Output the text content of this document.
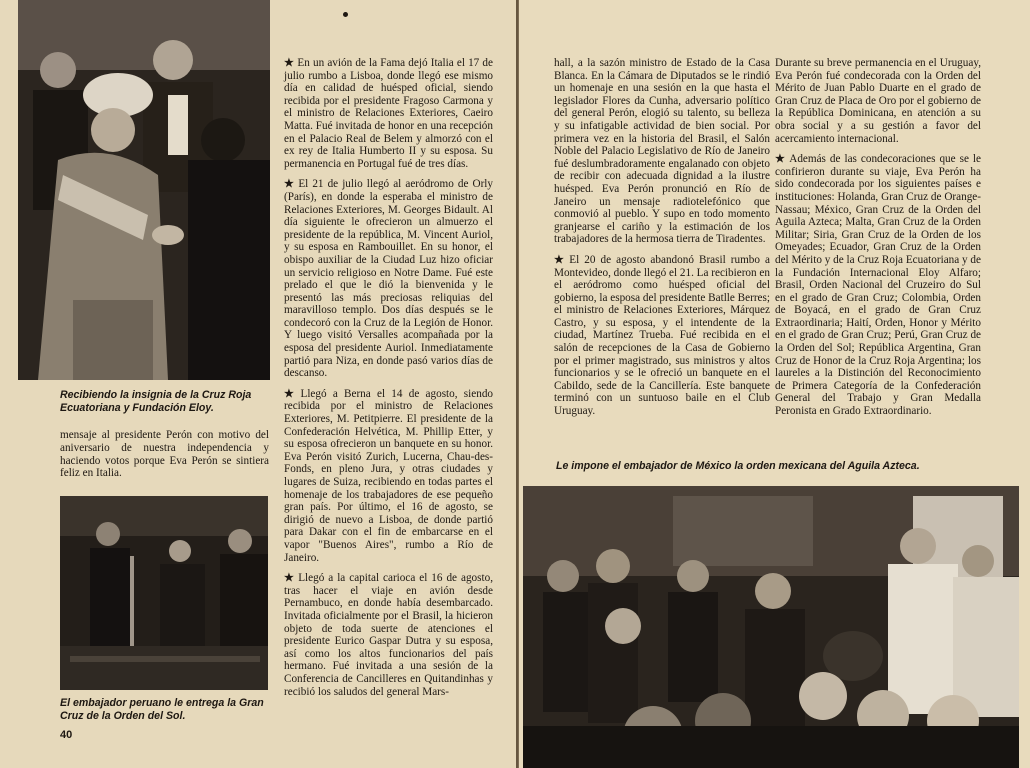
Recibiendo la insignia de la Cruz Roja Ecuatoriana y Fundación Eloy.
mensaje al presidente Perón con motivo del aniversario de nuestra independencia y haciendo votos porque Eva Perón se sintiera feliz en Italia.
El embajador peruano le entrega la Gran Cruz de la Orden del Sol.
40

★ En un avión de la Fama dejó Italia el 17 de julio rumbo a Lisboa, donde llegó ese mismo día en calidad de huésped oficial, siendo recibida por el presidente Fragoso Carmona y el ministro de Relaciones Exteriores, Caeiro Matta. Fué invitada de honor en una recepción en el Palacio Real de Belem y almorzó con el ex rey de Italia Humberto II y su esposa. Su permanencia en Portugal fué de tres días.

★ El 21 de julio llegó al aeródromo de Orly (París), en donde la esperaba el ministro de Relaciones Exteriores, M. Georges Bidault. Al día siguiente le ofrecieron un almuerzo el presidente de la república, M. Vincent Auriol, y su esposa en Rambouillet. En su honor, el obispo auxiliar de la Ciudad Luz hizo oficiar un servicio religioso en Notre Dame. Fué este prelado el que le dió la bienvenida y le presentó las más preciosas reliquias del maravilloso templo. Dos días después se le condecoró con la Cruz de la Legión de Honor. Y luego visitó Versalles acompañada por la esposa del presidente Auriol. Inmediatamente partió para Niza, en donde pasó varios días de descanso.

★ Llegó a Berna el 14 de agosto, siendo recibida por el ministro de Relaciones Exteriores, M. Petitpierre. El presidente de la Confederación Helvética, M. Phillip Etter, y su esposa ofrecieron un banquete en su honor. Eva Perón visitó Zurich, Lucerna, Chau-des-Fonds, en pleno Jura, y otras ciudades y lugares de Suiza, recibiendo en todas partes el homenaje de los trabajadores de ese pequeño gran país. Por último, el 16 de agosto, se dirigió de nuevo a Lisboa, de donde partió para Dakar con el fin de embarcarse en el vapor "Buenos Aires", rumbo a Río de Janeiro.

★ Llegó a la capital carioca el 16 de agosto, tras hacer el viaje en avión desde Pernambuco, en donde había desembarcado. Invitada oficialmente por el Brasil, la hicieron objeto de toda suerte de atenciones el presidente Eurico Gaspar Dutra y su esposa, así como los altos funcionarios del país hermano. Fué invitada a una sesión de la Conferencia de Cancilleres en Quitandinhas y recibió los saludos del general Mars-

hall, a la sazón ministro de Estado de la Casa Blanca. En la Cámara de Diputados se le rindió un homenaje en una sesión en la que hasta el legislador Flores da Cunha, adversario político del general Perón, elogió su talento, su belleza y su infatigable actividad de bien social. Por primera vez en la historia del Brasil, el Salón Noble del Palacio Legislativo de Río de Janeiro fué deslumbradoramente engalanado con objeto de recibir con adecuada dignidad a la ilustre huésped. Eva Perón pronunció en Río de Janeiro un mensaje radiotelefónico que conmovió al pueblo. Y supo en todo momento granjearse el cariño y la estimación de los trabajadores de la hermosa tierra de Tiradentes.

★ El 20 de agosto abandonó Brasil rumbo a Montevideo, donde llegó el 21. La recibieron en el aeródromo como huésped oficial del gobierno, la esposa del presidente Batlle Berres; el ministro de Relaciones Exteriores, Márquez Castro, y su esposa, y el intendente de la ciudad, Martínez Trueba. Fué recibida en el salón de recepciones de la Casa de Gobierno por el primer magistrado, sus ministros y altos funcionarios y se le ofreció un banquete en el Cabildo, sede de la Cancillería. Este banquete terminó con un suntuoso baile en el Club Uruguay.

Durante su breve permanencia en el Uruguay, Eva Perón fué condecorada con la Orden del Mérito de Juan Pablo Duarte en el grado de Gran Cruz de Placa de Oro por el gobierno de la República Dominicana, en atención a su obra social y a su gestión a favor del acercamiento internacional.

★ Además de las condecoraciones que se le confirieron durante su viaje, Eva Perón ha sido condecorada por los siguientes países e instituciones: Holanda, Gran Cruz de Orange-Nassau; México, Gran Cruz de la Orden del Aguila Azteca; Malta, Gran Cruz de la Orden Militar; Siria, Gran Cruz de la Orden de los Omeyades; Ecuador, Gran Cruz de la Orden del Mérito y de la Cruz Roja Ecuatoriana y de la Fundación Internacional Eloy Alfaro; Brasil, Orden Nacional del Cruzeiro do Sul en el grado de Gran Cruz; Colombia, Orden de Boyacá, en el grado de Gran Cruz Extraordinaria; Haití, Orden, Honor y Mérito en el grado de Gran Cruz; Perú, Gran Cruz de la Orden del Sol; República Argentina, Gran Cruz de Honor de la Cruz Roja Argentina; los laureles a la Distinción del Reconocimiento de Primera Categoría de la Confederación General del Trabajo y Gran Medalla Peronista en Grado Extraordinario.

Le impone el embajador de México la orden mexicana del Aguila Azteca.
